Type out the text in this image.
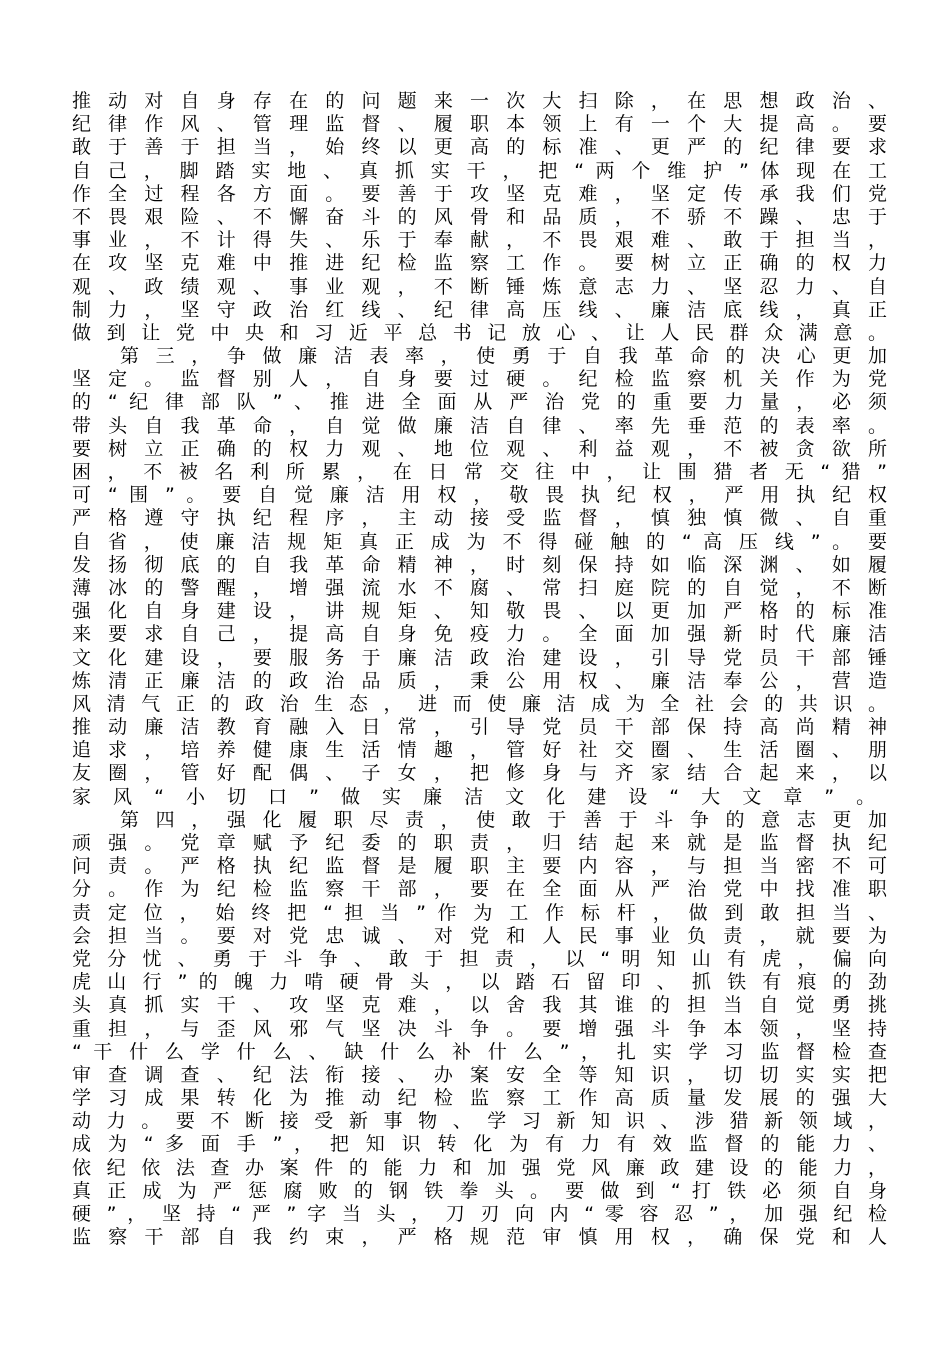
推 动 对 自 身 存 在 的 问 题 来 一 次 大 扫 除 ， 在 思 想 政 治 、
纪 律 作 风 、 管 理 监 督 、 履 职 本 领 上 有 一 个 大 提 高 。 要
敢 于 善 于 担 当 ， 始 终 以 更 高 的 标 准 、 更 严 的 纪 律 要 求
自 己 ， 脚 踏 实 地 、 真 抓 实 干 ， 把 “ 两 个 维 护 ” 体 现 在 工
作 全 过 程 各 方 面 。 要 善 于 攻 坚 克 难 ， 坚 定 传 承 我 们 党
不 畏 艰 险 、 不 懈 奋 斗 的 风 骨 和 品 质 ， 不 骄 不 躁 、 忠 于
事 业 ， 不 计 得 失 、 乐 于 奉 献 ， 不 畏 艰 难 、 敢 于 担 当 ，
在 攻 坚 克 难 中 推 进 纪 检 监 察 工 作 。 要 树 立 正 确 的 权 力
观 、 政 绩 观 、 事 业 观 ， 不 断 锤 炼 意 志 力 、 坚 忍 力 、 自
制 力 ， 坚 守 政 治 红 线 、 纪 律 高 压 线 、 廉 洁 底 线 ， 真 正
做 到 让 党 中 央 和 习 近 平 总 书 记 放 心 、 让 人 民 群 众 满 意 。
第 三 ， 争 做 廉 洁 表 率 ， 使 勇 于 自 我 革 命 的 决 心 更 加
坚 定 。 监 督 别 人 ， 自 身 要 过 硬 。 纪 检 监 察 机 关 作 为 党
的 “ 纪 律 部 队 ” 、 推 进 全 面 从 严 治 党 的 重 要 力 量 ， 必 须
带 头 自 我 革 命 ， 自 觉 做 廉 洁 自 律 、 率 先 垂 范 的 表 率 。
要 树 立 正 确 的 权 力 观 、 地 位 观 、 利 益 观 ， 不 被 贪 欲 所
困 ， 不 被 名 利 所 累 ， 在 日 常 交 往 中 ， 让 围 猎 者 无 “ 猎 ”
可 “ 围 ” 。 要 自 觉 廉 洁 用 权 ， 敬 畏 执 纪 权 ， 严 用 执 纪 权
严 格 遵 守 执 纪 程 序 ， 主 动 接 受 监 督 ， 慎 独 慎 微 、 自 重
自 省 ， 使 廉 洁 规 矩 真 正 成 为 不 得 碰 触 的 “ 高 压 线 ” 。 要
发 扬 彻 底 的 自 我 革 命 精 神 ， 时 刻 保 持 如 临 深 渊 、 如 履
薄 冰 的 警 醒 ， 增 强 流 水 不 腐 、 常 扫 庭 院 的 自 觉 ， 不 断
强 化 自 身 建 设 ， 讲 规 矩 、 知 敬 畏 、 以 更 加 严 格 的 标 准
来 要 求 自 己 ， 提 高 自 身 免 疫 力 。 全 面 加 强 新 时 代 廉 洁
文 化 建 设 ， 要 服 务 于 廉 洁 政 治 建 设 ， 引 导 党 员 干 部 锤
炼 清 正 廉 洁 的 政 治 品 质 ， 秉 公 用 权 、 廉 洁 奉 公 ， 营 造
风 清 气 正 的 政 治 生 态 ， 进 而 使 廉 洁 成 为 全 社 会 的 共 识 。
推 动 廉 洁 教 育 融 入 日 常 ， 引 导 党 员 干 部 保 持 高 尚 精 神
追 求 ， 培 养 健 康 生 活 情 趣 ， 管 好 社 交 圈 、 生 活 圈 、 朋
友 圈 ， 管 好 配 偶 、 子 女 ， 把 修 身 与 齐 家 结 合 起 来 ， 以
家 风 “ 小 切 口 ” 做 实 廉 洁 文 化 建 设 “ 大 文 章 ” 。
第 四 ， 强 化 履 职 尽 责 ， 使 敢 于 善 于 斗 争 的 意 志 更 加
顽 强 。 党 章 赋 予 纪 委 的 职 责 ， 归 结 起 来 就 是 监 督 执 纪
问 责 。 严 格 执 纪 监 督 是 履 职 主 要 内 容 ， 与 担 当 密 不 可
分 。 作 为 纪 检 监 察 干 部 ， 要 在 全 面 从 严 治 党 中 找 准 职
责 定 位 ， 始 终 把 “ 担 当 ” 作 为 工 作 标 杆 ， 做 到 敢 担 当 、
会 担 当 。 要 对 党 忠 诚 、 对 党 和 人 民 事 业 负 责 ， 就 要 为
党 分 忧 、 勇 于 斗 争 、 敢 于 担 责 ， 以 “ 明 知 山 有 虎 ， 偏 向
虎 山 行 ” 的 魄 力 啃 硬 骨 头 ， 以 踏 石 留 印 、 抓 铁 有 痕 的 劲
头 真 抓 实 干 、 攻 坚 克 难 ， 以 舍 我 其 谁 的 担 当 自 觉 勇 挑
重 担 ， 与 歪 风 邪 气 坚 决 斗 争 。 要 增 强 斗 争 本 领 ， 坚 持
“ 干 什 么 学 什 么 、 缺 什 么 补 什 么 ” ， 扎 实 学 习 监 督 检 查
审 查 调 查 、 纪 法 衔 接 、 办 案 安 全 等 知 识 ， 切 切 实 实 把
学 习 成 果 转 化 为 推 动 纪 检 监 察 工 作 高 质 量 发 展 的 强 大
动 力 。 要 不 断 接 受 新 事 物 、 学 习 新 知 识 、 涉 猎 新 领 域 ，
成 为 “ 多 面 手 ” ， 把 知 识 转 化 为 有 力 有 效 监 督 的 能 力 、
依 纪 依 法 查 办 案 件 的 能 力 和 加 强 党 风 廉 政 建 设 的 能 力 ，
真 正 成 为 严 惩 腐 败 的 钢 铁 拳 头 。 要 做 到 “ 打 铁 必 须 自 身
硬 ” ， 坚 持 “ 严 ” 字 当 头 ， 刀 刃 向 内 “ 零 容 忍 ” ， 加 强 纪 检
监 察 干 部 自 我 约 束 ， 严 格 规 范 审 慎 用 权 ， 确 保 党 和 人
